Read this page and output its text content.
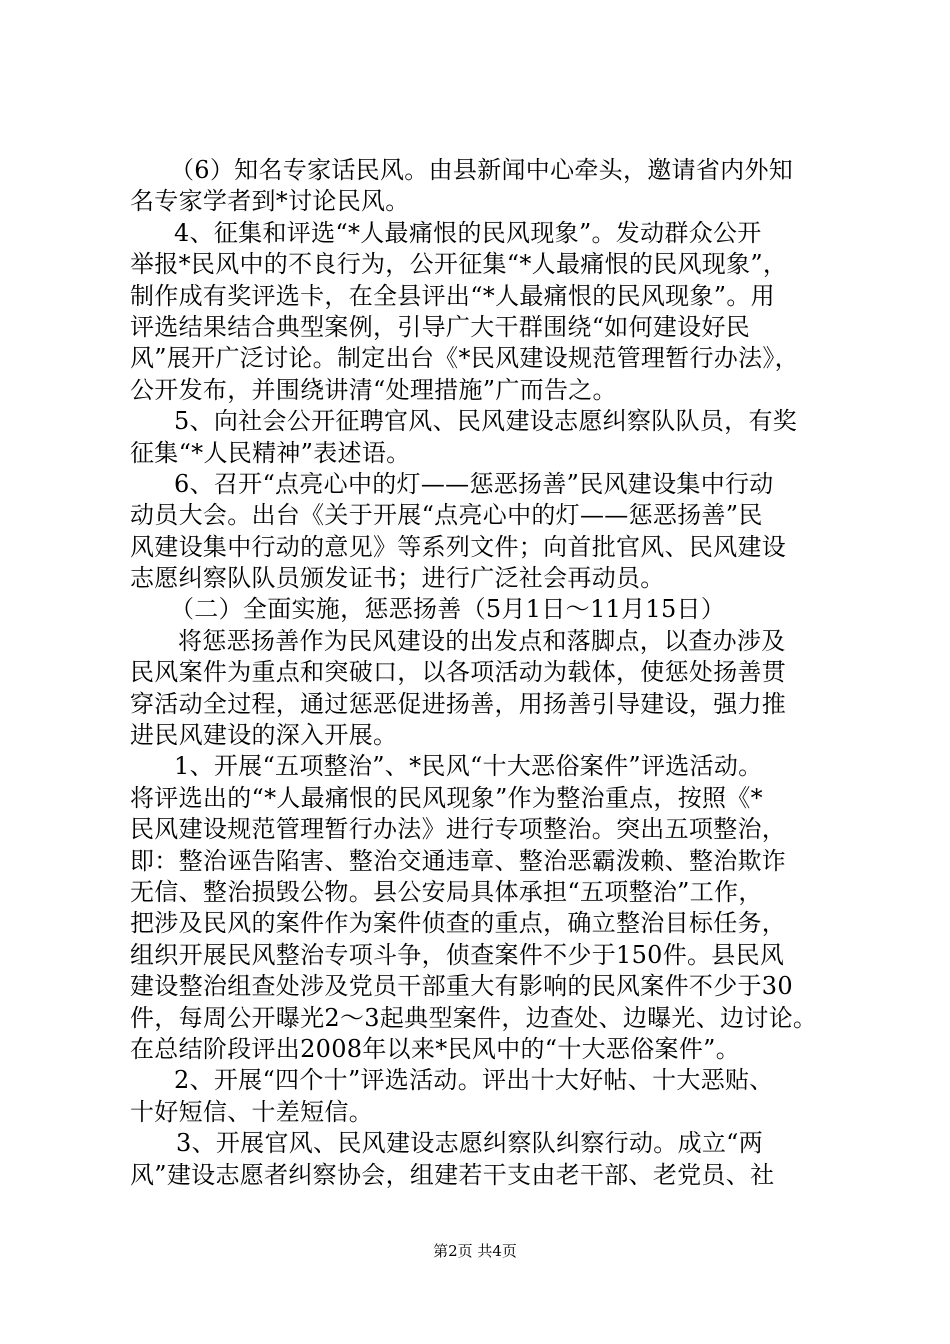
（6）知名专家话民风。由县新闻中心牵头，邀请省内外知
名专家学者到*讨论民风。
4、征集和评选“*人最痛恨的民风现象”。发动群众公开
举报*民风中的不良行为，公开征集“*人最痛恨的民风现象”，
制作成有奖评选卡，在全县评出“*人最痛恨的民风现象”。用
评选结果结合典型案例，引导广大干群围绕“如何建设好民
风”展开广泛讨论。制定出台《*民风建设规范管理暂行办法》，
公开发布，并围绕讲清“处理措施”广而告之。
5、向社会公开征聘官风、民风建设志愿纠察队队员，有奖
征集“*人民精神”表述语。
6、召开“点亮心中的灯——惩恶扬善”民风建设集中行动
动员大会。出台《关于开展“点亮心中的灯——惩恶扬善”民
风建设集中行动的意见》等系列文件；向首批官风、民风建设
志愿纠察队队员颁发证书；进行广泛社会再动员。
（二）全面实施，惩恶扬善（5月1日～11月15日）
将惩恶扬善作为民风建设的出发点和落脚点，以查办涉及
民风案件为重点和突破口，以各项活动为载体，使惩处扬善贯
穿活动全过程，通过惩恶促进扬善，用扬善引导建设，强力推
进民风建设的深入开展。
1、开展“五项整治”、*民风“十大恶俗案件”评选活动。
将评选出的“*人最痛恨的民风现象”作为整治重点，按照《*
民风建设规范管理暂行办法》进行专项整治。突出五项整治，
即：整治诬告陷害、整治交通违章、整治恶霸泼赖、整治欺诈
无信、整治损毁公物。县公安局具体承担“五项整治”工作，
把涉及民风的案件作为案件侦查的重点，确立整治目标任务，
组织开展民风整治专项斗争，侦查案件不少于150件。县民风
建设整治组查处涉及党员干部重大有影响的民风案件不少于30
件，每周公开曝光2～3起典型案件，边查处、边曝光、边讨论。
在总结阶段评出2008年以来*民风中的“十大恶俗案件”。
2、开展“四个十”评选活动。评出十大好帖、十大恶贴、
十好短信、十差短信。
3、开展官风、民风建设志愿纠察队纠察行动。成立“两
风”建设志愿者纠察协会，组建若干支由老干部、老党员、社
第2页 共4页
